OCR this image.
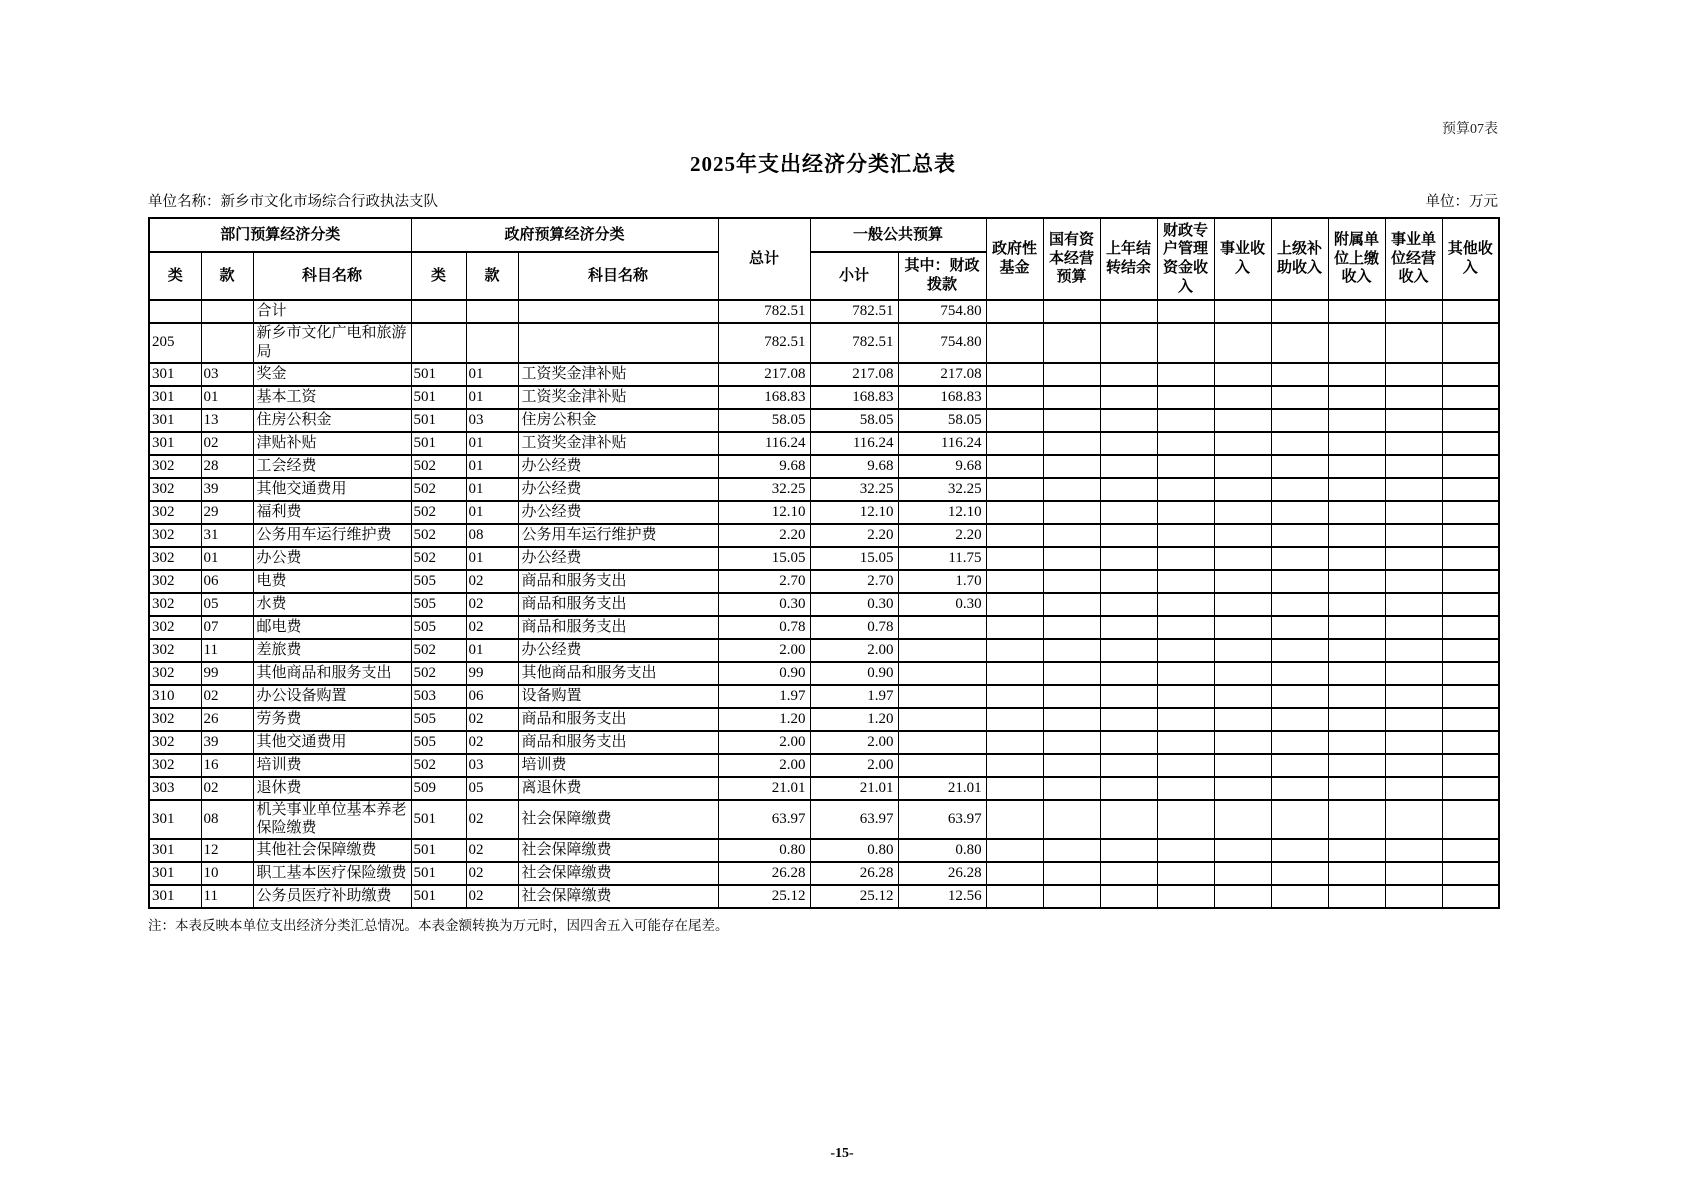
预算07表
2025年支出经济分类汇总表
单位名称：新乡市文化市场综合行政执法支队	单位：万元
部门预算经济分类			政府预算经济分类			总计	一般公共预算		政府性基金	国有资本经营预算	上年结转结余	财政专户管理资金收入	事业收入	上级补助收入	附属单位上缴收入	事业单位经营收入	其他收入
类	款	科目名称	类	款	科目名称		小计	其中：财政拨款									
		合计				782.51	782.51	754.80									
205		新乡市文化广电和旅游局				782.51	782.51	754.80									
301	03	奖金	501	01	工资奖金津补贴	217.08	217.08	217.08									
301	01	基本工资	501	01	工资奖金津补贴	168.83	168.83	168.83									
301	13	住房公积金	501	03	住房公积金	58.05	58.05	58.05									
301	02	津贴补贴	501	01	工资奖金津补贴	116.24	116.24	116.24									
302	28	工会经费	502	01	办公经费	9.68	9.68	9.68									
302	39	其他交通费用	502	01	办公经费	32.25	32.25	32.25									
302	29	福利费	502	01	办公经费	12.10	12.10	12.10									
302	31	公务用车运行维护费	502	08	公务用车运行维护费	2.20	2.20	2.20									
302	01	办公费	502	01	办公经费	15.05	15.05	11.75									
302	06	电费	505	02	商品和服务支出	2.70	2.70	1.70									
302	05	水费	505	02	商品和服务支出	0.30	0.30	0.30									
302	07	邮电费	505	02	商品和服务支出	0.78	0.78										
302	11	差旅费	502	01	办公经费	2.00	2.00										
302	99	其他商品和服务支出	502	99	其他商品和服务支出	0.90	0.90										
310	02	办公设备购置	503	06	设备购置	1.97	1.97										
302	26	劳务费	505	02	商品和服务支出	1.20	1.20										
302	39	其他交通费用	505	02	商品和服务支出	2.00	2.00										
302	16	培训费	502	03	培训费	2.00	2.00										
303	02	退休费	509	05	离退休费	21.01	21.01	21.01									
301	08	机关事业单位基本养老保险缴费	501	02	社会保障缴费	63.97	63.97	63.97									
301	12	其他社会保障缴费	501	02	社会保障缴费	0.80	0.80	0.80									
301	10	职工基本医疗保险缴费	501	02	社会保障缴费	26.28	26.28	26.28									
301	11	公务员医疗补助缴费	501	02	社会保障缴费	25.12	25.12	12.56									
注：本表反映本单位支出经济分类汇总情况。本表金额转换为万元时，因四舍五入可能存在尾差。
-15-
